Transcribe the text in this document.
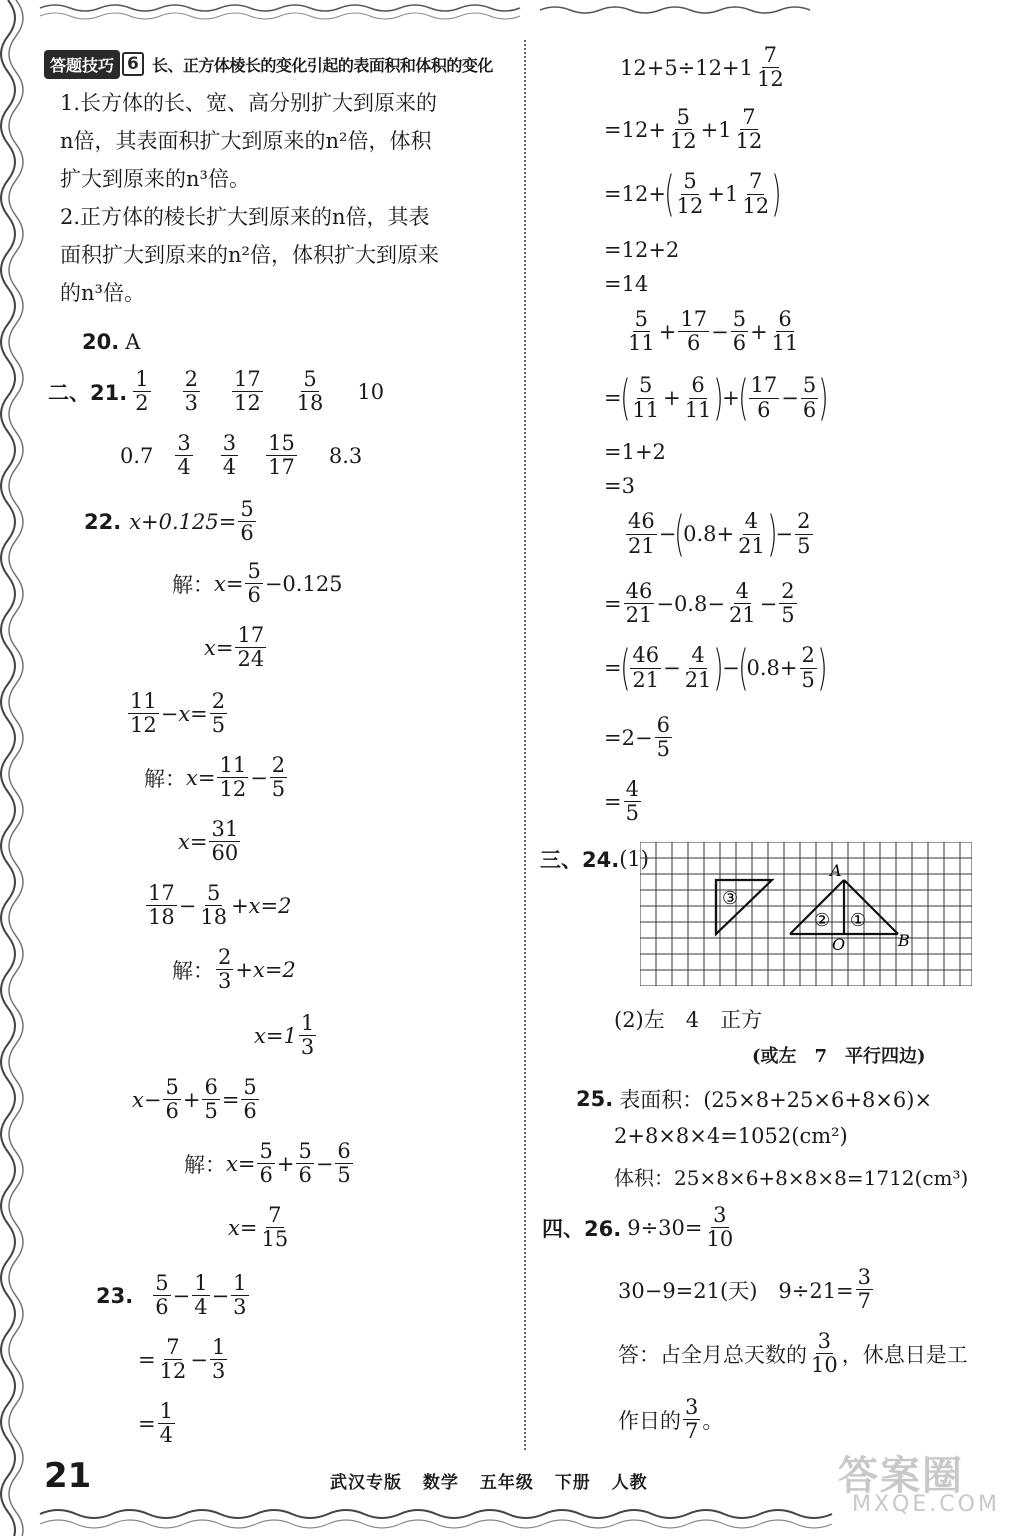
答题技巧 6 长、正方体棱长的变化引起的表面积和体积的变化
1.长方体的长、宽、高分别扩大到原来的
n倍，其表面积扩大到原来的n²倍，体积
扩大到原来的n³倍。
2.正方体的棱长扩大到原来的n倍，其表
面积扩大到原来的n²倍，体积扩大到原来
的n³倍。
20. A
二、21. $\frac{1}{2} \frac{2}{3} \frac{17}{12} \frac{5}{18} 10$
$0.7 \frac{3}{4} \frac{3}{4} \frac{15}{17} 8.3$
22. $x+0.125= \frac{5}{6}$
解： $x= \frac{5}{6} -0.125$
$x= \frac{17}{24}$
$\frac{11}{12} -x= \frac{2}{5}$
解： $x= \frac{11}{12} - \frac{2}{5}$
$x= \frac{31}{60}$
$\frac{17}{18} - \frac{5}{18} +x=2$
解： $\frac{2}{3} +x=2$
$x=1 \frac{1}{3}$
$x- \frac{5}{6} + \frac{6}{5} = \frac{5}{6}$
解： $x= \frac{5}{6} + \frac{5}{6} - \frac{6}{5}$
$x= \frac{7}{15}$
23. $\frac{5}{6} - \frac{1}{4} - \frac{1}{3}$
= $\frac{7}{12} - \frac{1}{3}$
= $\frac{1}{4}$
$12+5\div 12+1 \frac{7}{12}$
$=12+ \frac{5}{12} +1 \frac{7}{12}$
=12+
( $\frac{5}{12} +1 \frac{7}{12}$ )
=12+2
=14
$\frac{5}{11} + \frac{17}{6} - \frac{5}{6} + \frac{6}{11}$
=
( $\frac{5}{11} + \frac{6}{11}$ )
+
( $\frac{17}{6} - \frac{5}{6}$ )
=1+2
=3
$\frac{46}{21}$ −
(
$0.8+ \frac{4}{21}$ )
− $\frac{2}{5}$
= $\frac{46}{21} -0.8- \frac{4}{21} - \frac{2}{5}$
=
( $\frac{46}{21} - \frac{4}{21}$ )
−
(
$0.8+ \frac{2}{5}$ )
$=2- \frac{6}{5}$
= $\frac{4}{5}$
三、24. (1)
③
② ①
A
O	B
(2)左　4　正方
(或左　7　平行四边)
25. 表面积：(25×8+25×6+8×6)×
2+8×8×4=1052(cm²)
体积：25×8×6+8×8×8=1712(cm³)
四、26. $9\div 30= \frac{3}{10}$
30−9=21(天)　$9\div 21= \frac{3}{7}$
答：占全月总天数的 $\frac{3}{10}$ ，休息日是工
作日的 $\frac{3}{7}$ 。
21	武汉专版 数学 五年级 下册 人教	答案圈
MXQE.COM
